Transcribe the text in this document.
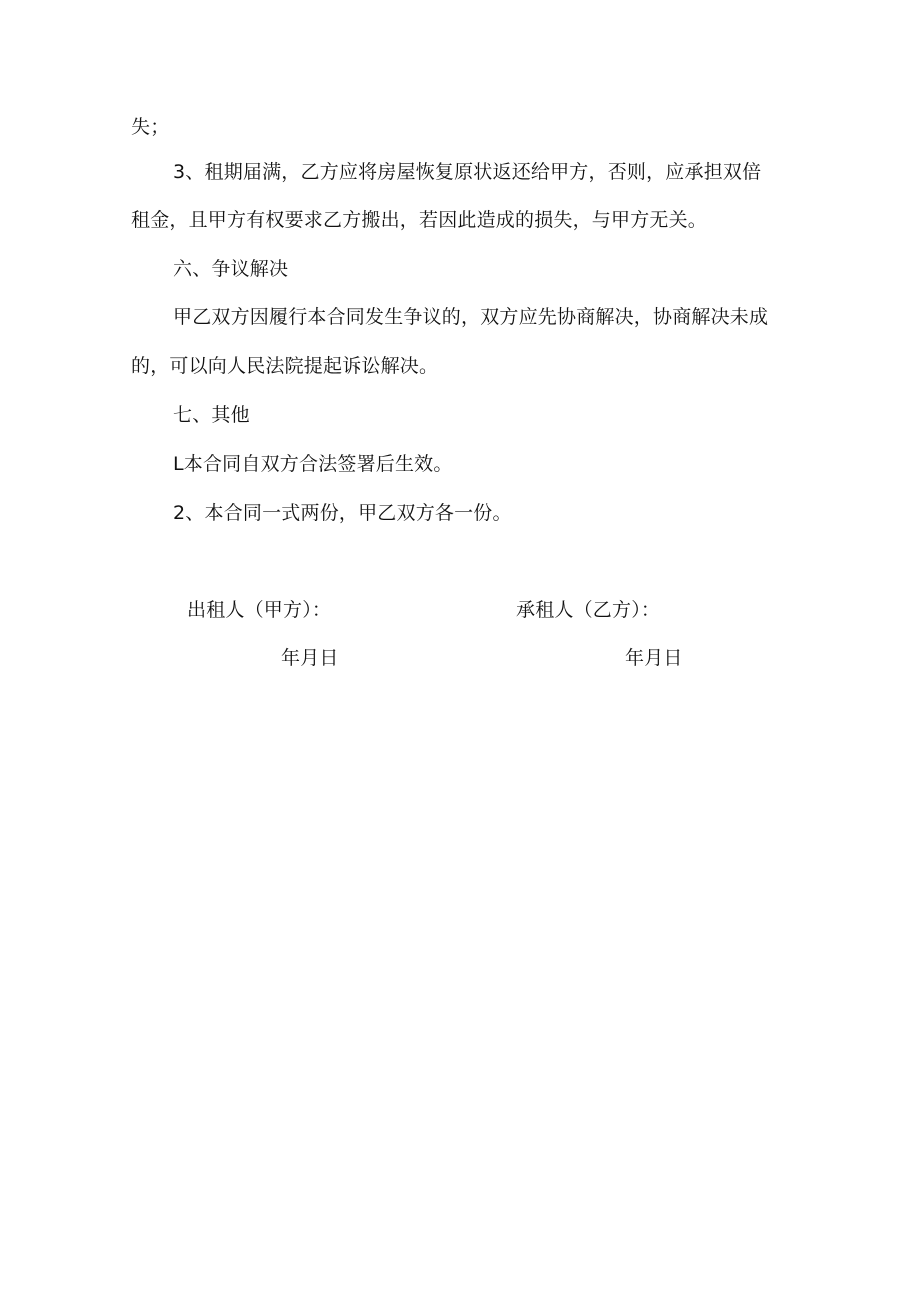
失；
3、租期届满，乙方应将房屋恢复原状返还给甲方，否则，应承担双倍
租金，且甲方有权要求乙方搬出，若因此造成的损失，与甲方无关。
六、争议解决
甲乙双方因履行本合同发生争议的，双方应先协商解决，协商解决未成
的，可以向人民法院提起诉讼解决。
七、其他
L本合同自双方合法签署后生效。
2、本合同一式两份，甲乙双方各一份。
出租人（甲方）：	承租人（乙方）：
年月日	年月日
